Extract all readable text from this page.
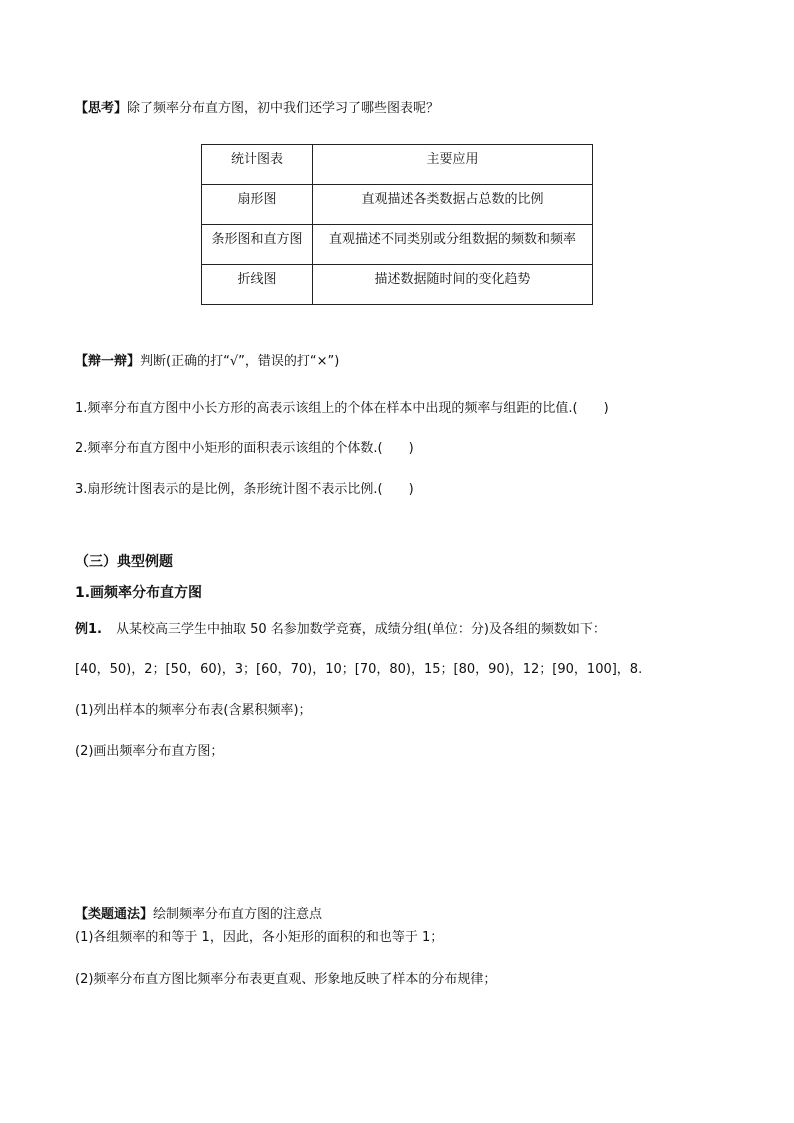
【思考】除了频率分布直方图，初中我们还学习了哪些图表呢？
统计图表	主要应用
扇形图	直观描述各类数据占总数的比例
条形图和直方图	直观描述不同类别或分组数据的频数和频率
折线图	描述数据随时间的变化趋势
【辩一辩】判断(正确的打“√”，错误的打“×”)
1.频率分布直方图中小长方形的高表示该组上的个体在样本中出现的频率与组距的比值.(　　)
2.频率分布直方图中小矩形的面积表示该组的个体数.(　　)
3.扇形统计图表示的是比例，条形统计图不表示比例.(　　)
（三）典型例题
1.画频率分布直方图
例1. 从某校高三学生中抽取 50 名参加数学竞赛，成绩分组(单位：分)及各组的频数如下：
[40，50)，2；[50，60)，3；[60，70)，10；[70，80)，15；[80，90)，12；[90，100]，8.
(1)列出样本的频率分布表(含累积频率)；
(2)画出频率分布直方图；
【类题通法】绘制频率分布直方图的注意点
(1)各组频率的和等于 1，因此，各小矩形的面积的和也等于 1；
(2)频率分布直方图比频率分布表更直观、形象地反映了样本的分布规律；
